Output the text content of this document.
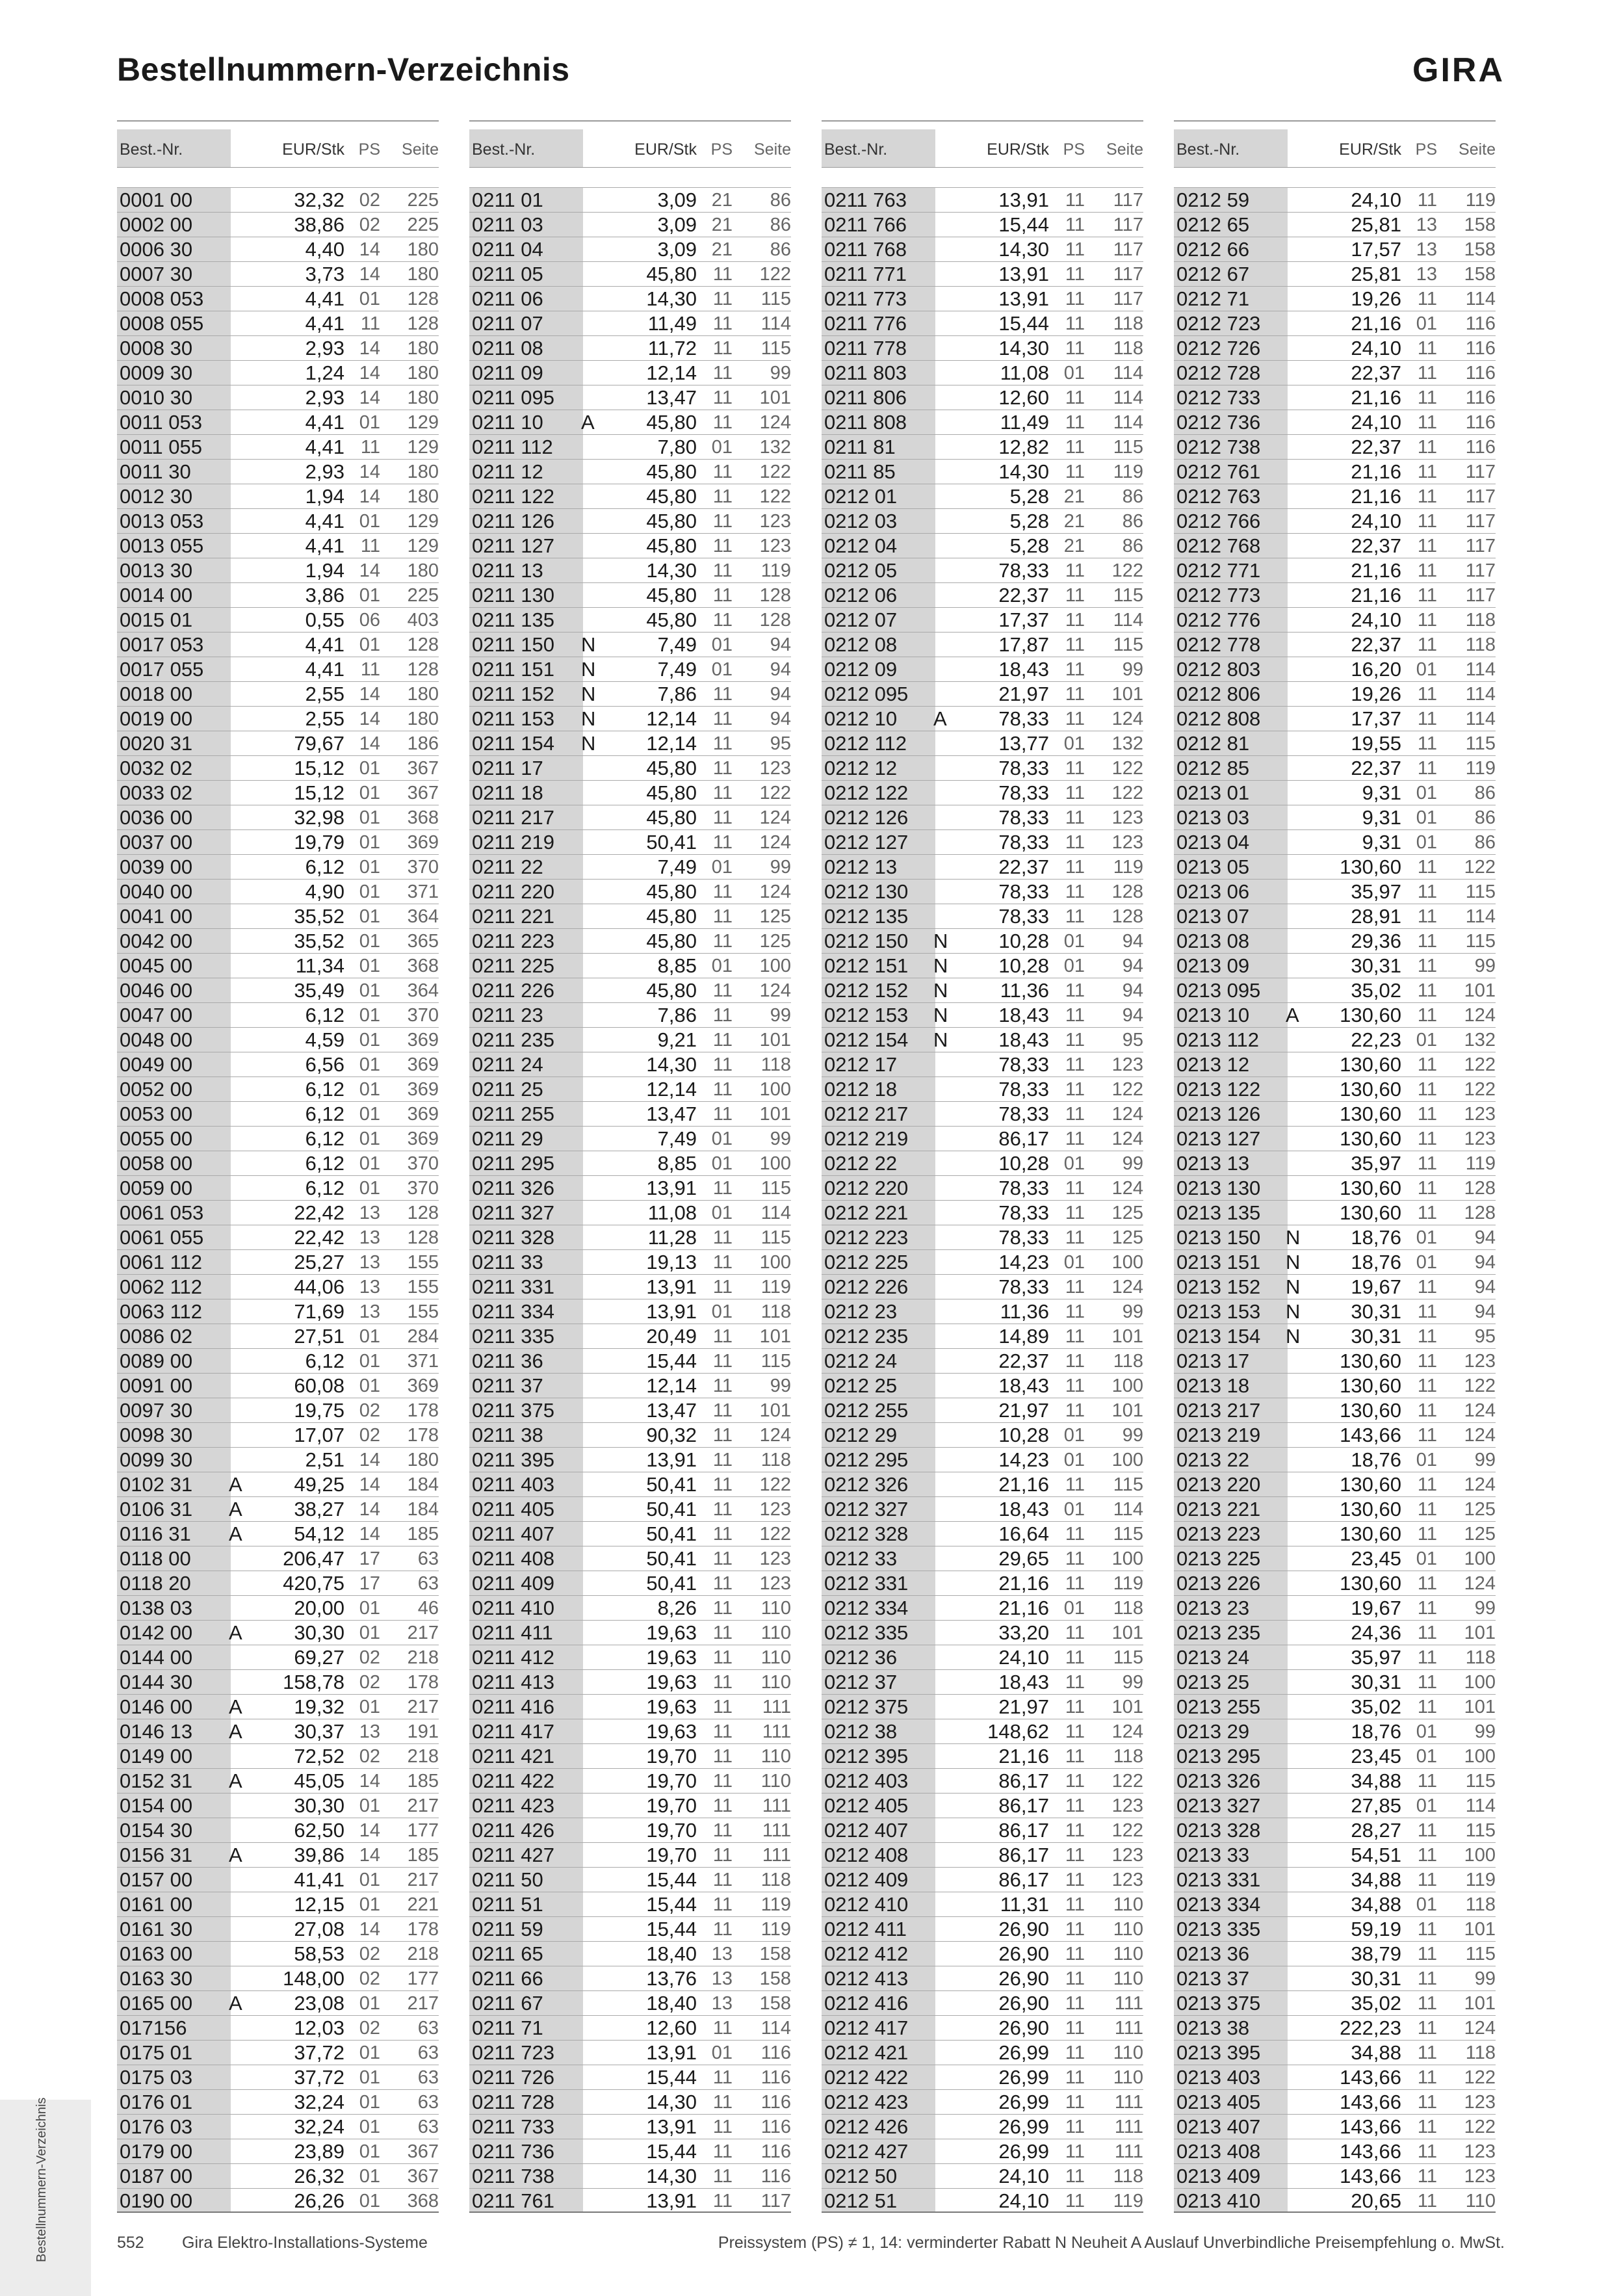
Bestellnummern-Verzeichnis	GIRA
Best.-Nr.	EUR/Stk PS	Seite
0001 00	32,32 02	225
0002 00	38,86 02	225
0006 30	4,40 14	180
0007 30	3,73 14	180
0008 053	4,41 01	128
0008 055	4,41 11	128
0008 30	2,93 14	180
0009 30	1,24 14	180
0010 30	2,93 14	180
0011 053	4,41 01	129
0011 055	4,41 11	129
0011 30	2,93 14	180
0012 30	1,94 14	180
0013 053	4,41 01	129
0013 055	4,41 11	129
0013 30	1,94 14	180
0014 00	3,86 01	225
0015 01	0,55 06	403
0017 053	4,41 01	128
0017 055	4,41 11	128
0018 00	2,55 14	180
0019 00	2,55 14	180
0020 31	79,67 14	186
0032 02	15,12 01	367
0033 02	15,12 01	367
0036 00	32,98 01	368
0037 00	19,79 01	369
0039 00	6,12 01	370
0040 00	4,90 01	371
0041 00	35,52 01	364
0042 00	35,52 01	365
0045 00	11,34 01	368
0046 00	35,49 01	364
0047 00	6,12 01	370
0048 00	4,59 01	369
0049 00	6,56 01	369
0052 00	6,12 01	369
0053 00	6,12 01	369
0055 00	6,12 01	369
0058 00	6,12 01	370
0059 00	6,12 01	370
0061 053	22,42 13	128
0061 055	22,42 13	128
0061 112	25,27 13	155
0062 112	44,06 13	155
0063 112	71,69 13	155
0086 02	27,51 01	284
0089 00	6,12 01	371
0091 00	60,08 01	369
0097 30	19,75 02	178
0098 30	17,07 02	178
0099 30	2,51 14	180
0102 31 A	49,25 14	184
0106 31 A	38,27 14	184
0116 31 A	54,12 14	185
0118 00	206,47 17	63
0118 20	420,75 17	63
0138 03	20,00 01	46
0142 00 A	30,30 01	217
0144 00	69,27 02	218
0144 30	158,78 02	178
0146 00 A	19,32 01	217
0146 13 A	30,37 13	191
0149 00	72,52 02	218
0152 31 A	45,05 14	185
0154 00	30,30 01	217
0154 30	62,50 14	177
0156 31 A	39,86 14	185
0157 00	41,41 01	217
0161 00	12,15 01	221
0161 30	27,08 14	178
0163 00	58,53 02	218
0163 30	148,00 02	177
0165 00 A	23,08 01	217
017156	12,03 02	63
0175 01	37,72 01	63
0175 03	37,72 01	63
0176 01	32,24 01	63
0176 03	32,24 01	63
0179 00	23,89 01	367
0187 00	26,32 01	367
0190 00	26,26 01	368
Best.-Nr.	EUR/Stk PS	Seite
0211 01	3,09 21	86
0211 03	3,09 21	86
0211 04	3,09 21	86
0211 05	45,80 11	122
0211 06	14,30 11	115
0211 07	11,49 11	114
0211 08	11,72 11	115
0211 09	12,14 11	99
0211 095	13,47 11	101
0211 10 A	45,80 11	124
0211 112	7,80 01	132
0211 12	45,80 11	122
0211 122	45,80 11	122
0211 126	45,80 11	123
0211 127	45,80 11	123
0211 13	14,30 11	119
0211 130	45,80 11	128
0211 135	45,80 11	128
0211 150 N	7,49 01	94
0211 151 N	7,49 01	94
0211 152 N	7,86 11	94
0211 153 N	12,14 11	94
0211 154 N	12,14 11	95
0211 17	45,80 11	123
0211 18	45,80 11	122
0211 217	45,80 11	124
0211 219	50,41 11	124
0211 22	7,49 01	99
0211 220	45,80 11	124
0211 221	45,80 11	125
0211 223	45,80 11	125
0211 225	8,85 01	100
0211 226	45,80 11	124
0211 23	7,86 11	99
0211 235	9,21 11	101
0211 24	14,30 11	118
0211 25	12,14 11	100
0211 255	13,47 11	101
0211 29	7,49 01	99
0211 295	8,85 01	100
0211 326	13,91 11	115
0211 327	11,08 01	114
0211 328	11,28 11	115
0211 33	19,13 11	100
0211 331	13,91 11	119
0211 334	13,91 01	118
0211 335	20,49 11	101
0211 36	15,44 11	115
0211 37	12,14 11	99
0211 375	13,47 11	101
0211 38	90,32 11	124
0211 395	13,91 11	118
0211 403	50,41 11	122
0211 405	50,41 11	123
0211 407	50,41 11	122
0211 408	50,41 11	123
0211 409	50,41 11	123
0211 410	8,26 11	110
0211 411	19,63 11	110
0211 412	19,63 11	110
0211 413	19,63 11	110
0211 416	19,63 11	111
0211 417	19,63 11	111
0211 421	19,70 11	110
0211 422	19,70 11	110
0211 423	19,70 11	111
0211 426	19,70 11	111
0211 427	19,70 11	111
0211 50	15,44 11	118
0211 51	15,44 11	119
0211 59	15,44 11	119
0211 65	18,40 13	158
0211 66	13,76 13	158
0211 67	18,40 13	158
0211 71	12,60 11	114
0211 723	13,91 01	116
0211 726	15,44 11	116
0211 728	14,30 11	116
0211 733	13,91 11	116
0211 736	15,44 11	116
0211 738	14,30 11	116
0211 761	13,91 11	117
Best.-Nr.	EUR/Stk PS	Seite
0211 763	13,91 11	117
0211 766	15,44 11	117
0211 768	14,30 11	117
0211 771	13,91 11	117
0211 773	13,91 11	117
0211 776	15,44 11	118
0211 778	14,30 11	118
0211 803	11,08 01	114
0211 806	12,60 11	114
0211 808	11,49 11	114
0211 81	12,82 11	115
0211 85	14,30 11	119
0212 01	5,28 21	86
0212 03	5,28 21	86
0212 04	5,28 21	86
0212 05	78,33 11	122
0212 06	22,37 11	115
0212 07	17,37 11	114
0212 08	17,87 11	115
0212 09	18,43 11	99
0212 095	21,97 11	101
0212 10 A	78,33 11	124
0212 112	13,77 01	132
0212 12	78,33 11	122
0212 122	78,33 11	122
0212 126	78,33 11	123
0212 127	78,33 11	123
0212 13	22,37 11	119
0212 130	78,33 11	128
0212 135	78,33 11	128
0212 150 N	10,28 01	94
0212 151 N	10,28 01	94
0212 152 N	11,36 11	94
0212 153 N	18,43 11	94
0212 154 N	18,43 11	95
0212 17	78,33 11	123
0212 18	78,33 11	122
0212 217	78,33 11	124
0212 219	86,17 11	124
0212 22	10,28 01	99
0212 220	78,33 11	124
0212 221	78,33 11	125
0212 223	78,33 11	125
0212 225	14,23 01	100
0212 226	78,33 11	124
0212 23	11,36 11	99
0212 235	14,89 11	101
0212 24	22,37 11	118
0212 25	18,43 11	100
0212 255	21,97 11	101
0212 29	10,28 01	99
0212 295	14,23 01	100
0212 326	21,16 11	115
0212 327	18,43 01	114
0212 328	16,64 11	115
0212 33	29,65 11	100
0212 331	21,16 11	119
0212 334	21,16 01	118
0212 335	33,20 11	101
0212 36	24,10 11	115
0212 37	18,43 11	99
0212 375	21,97 11	101
0212 38	148,62 11	124
0212 395	21,16 11	118
0212 403	86,17 11	122
0212 405	86,17 11	123
0212 407	86,17 11	122
0212 408	86,17 11	123
0212 409	86,17 11	123
0212 410	11,31 11	110
0212 411	26,90 11	110
0212 412	26,90 11	110
0212 413	26,90 11	110
0212 416	26,90 11	111
0212 417	26,90 11	111
0212 421	26,99 11	110
0212 422	26,99 11	110
0212 423	26,99 11	111
0212 426	26,99 11	111
0212 427	26,99 11	111
0212 50	24,10 11	118
0212 51	24,10 11	119
Best.-Nr.	EUR/Stk PS	Seite
0212 59	24,10 11	119
0212 65	25,81 13	158
0212 66	17,57 13	158
0212 67	25,81 13	158
0212 71	19,26 11	114
0212 723	21,16 01	116
0212 726	24,10 11	116
0212 728	22,37 11	116
0212 733	21,16 11	116
0212 736	24,10 11	116
0212 738	22,37 11	116
0212 761	21,16 11	117
0212 763	21,16 11	117
0212 766	24,10 11	117
0212 768	22,37 11	117
0212 771	21,16 11	117
0212 773	21,16 11	117
0212 776	24,10 11	118
0212 778	22,37 11	118
0212 803	16,20 01	114
0212 806	19,26 11	114
0212 808	17,37 11	114
0212 81	19,55 11	115
0212 85	22,37 11	119
0213 01	9,31 01	86
0213 03	9,31 01	86
0213 04	9,31 01	86
0213 05	130,60 11	122
0213 06	35,97 11	115
0213 07	28,91 11	114
0213 08	29,36 11	115
0213 09	30,31 11	99
0213 095	35,02 11	101
0213 10 A	130,60 11	124
0213 112	22,23 01	132
0213 12	130,60 11	122
0213 122	130,60 11	122
0213 126	130,60 11	123
0213 127	130,60 11	123
0213 13	35,97 11	119
0213 130	130,60 11	128
0213 135	130,60 11	128
0213 150 N	18,76 01	94
0213 151 N	18,76 01	94
0213 152 N	19,67 11	94
0213 153 N	30,31 11	94
0213 154 N	30,31 11	95
0213 17	130,60 11	123
0213 18	130,60 11	122
0213 217	130,60 11	124
0213 219	143,66 11	124
0213 22	18,76 01	99
0213 220	130,60 11	124
0213 221	130,60 11	125
0213 223	130,60 11	125
0213 225	23,45 01	100
0213 226	130,60 11	124
0213 23	19,67 11	99
0213 235	24,36 11	101
0213 24	35,97 11	118
0213 25	30,31 11	100
0213 255	35,02 11	101
0213 29	18,76 01	99
0213 295	23,45 01	100
0213 326	34,88 11	115
0213 327	27,85 01	114
0213 328	28,27 11	115
0213 33	54,51 11	100
0213 331	34,88 11	119
0213 334	34,88 01	118
0213 335	59,19 11	101
0213 36	38,79 11	115
0213 37	30,31 11	99
0213 375	35,02 11	101
0213 38	222,23 11	124
0213 395	34,88 11	118
0213 403	143,66 11	122
0213 405	143,66 11	123
0213 407	143,66 11	122
0213 408	143,66 11	123
0213 409	143,66 11	123
0213 410	20,65 11	110
Bestellnummern-Verzeichnis	552	Gira Elektro-Installations-Systeme	Preissystem (PS) ≠ 1, 14: verminderter Rabatt N Neuheit A Auslauf Unverbindliche Preisempfehlung o. MwSt.
